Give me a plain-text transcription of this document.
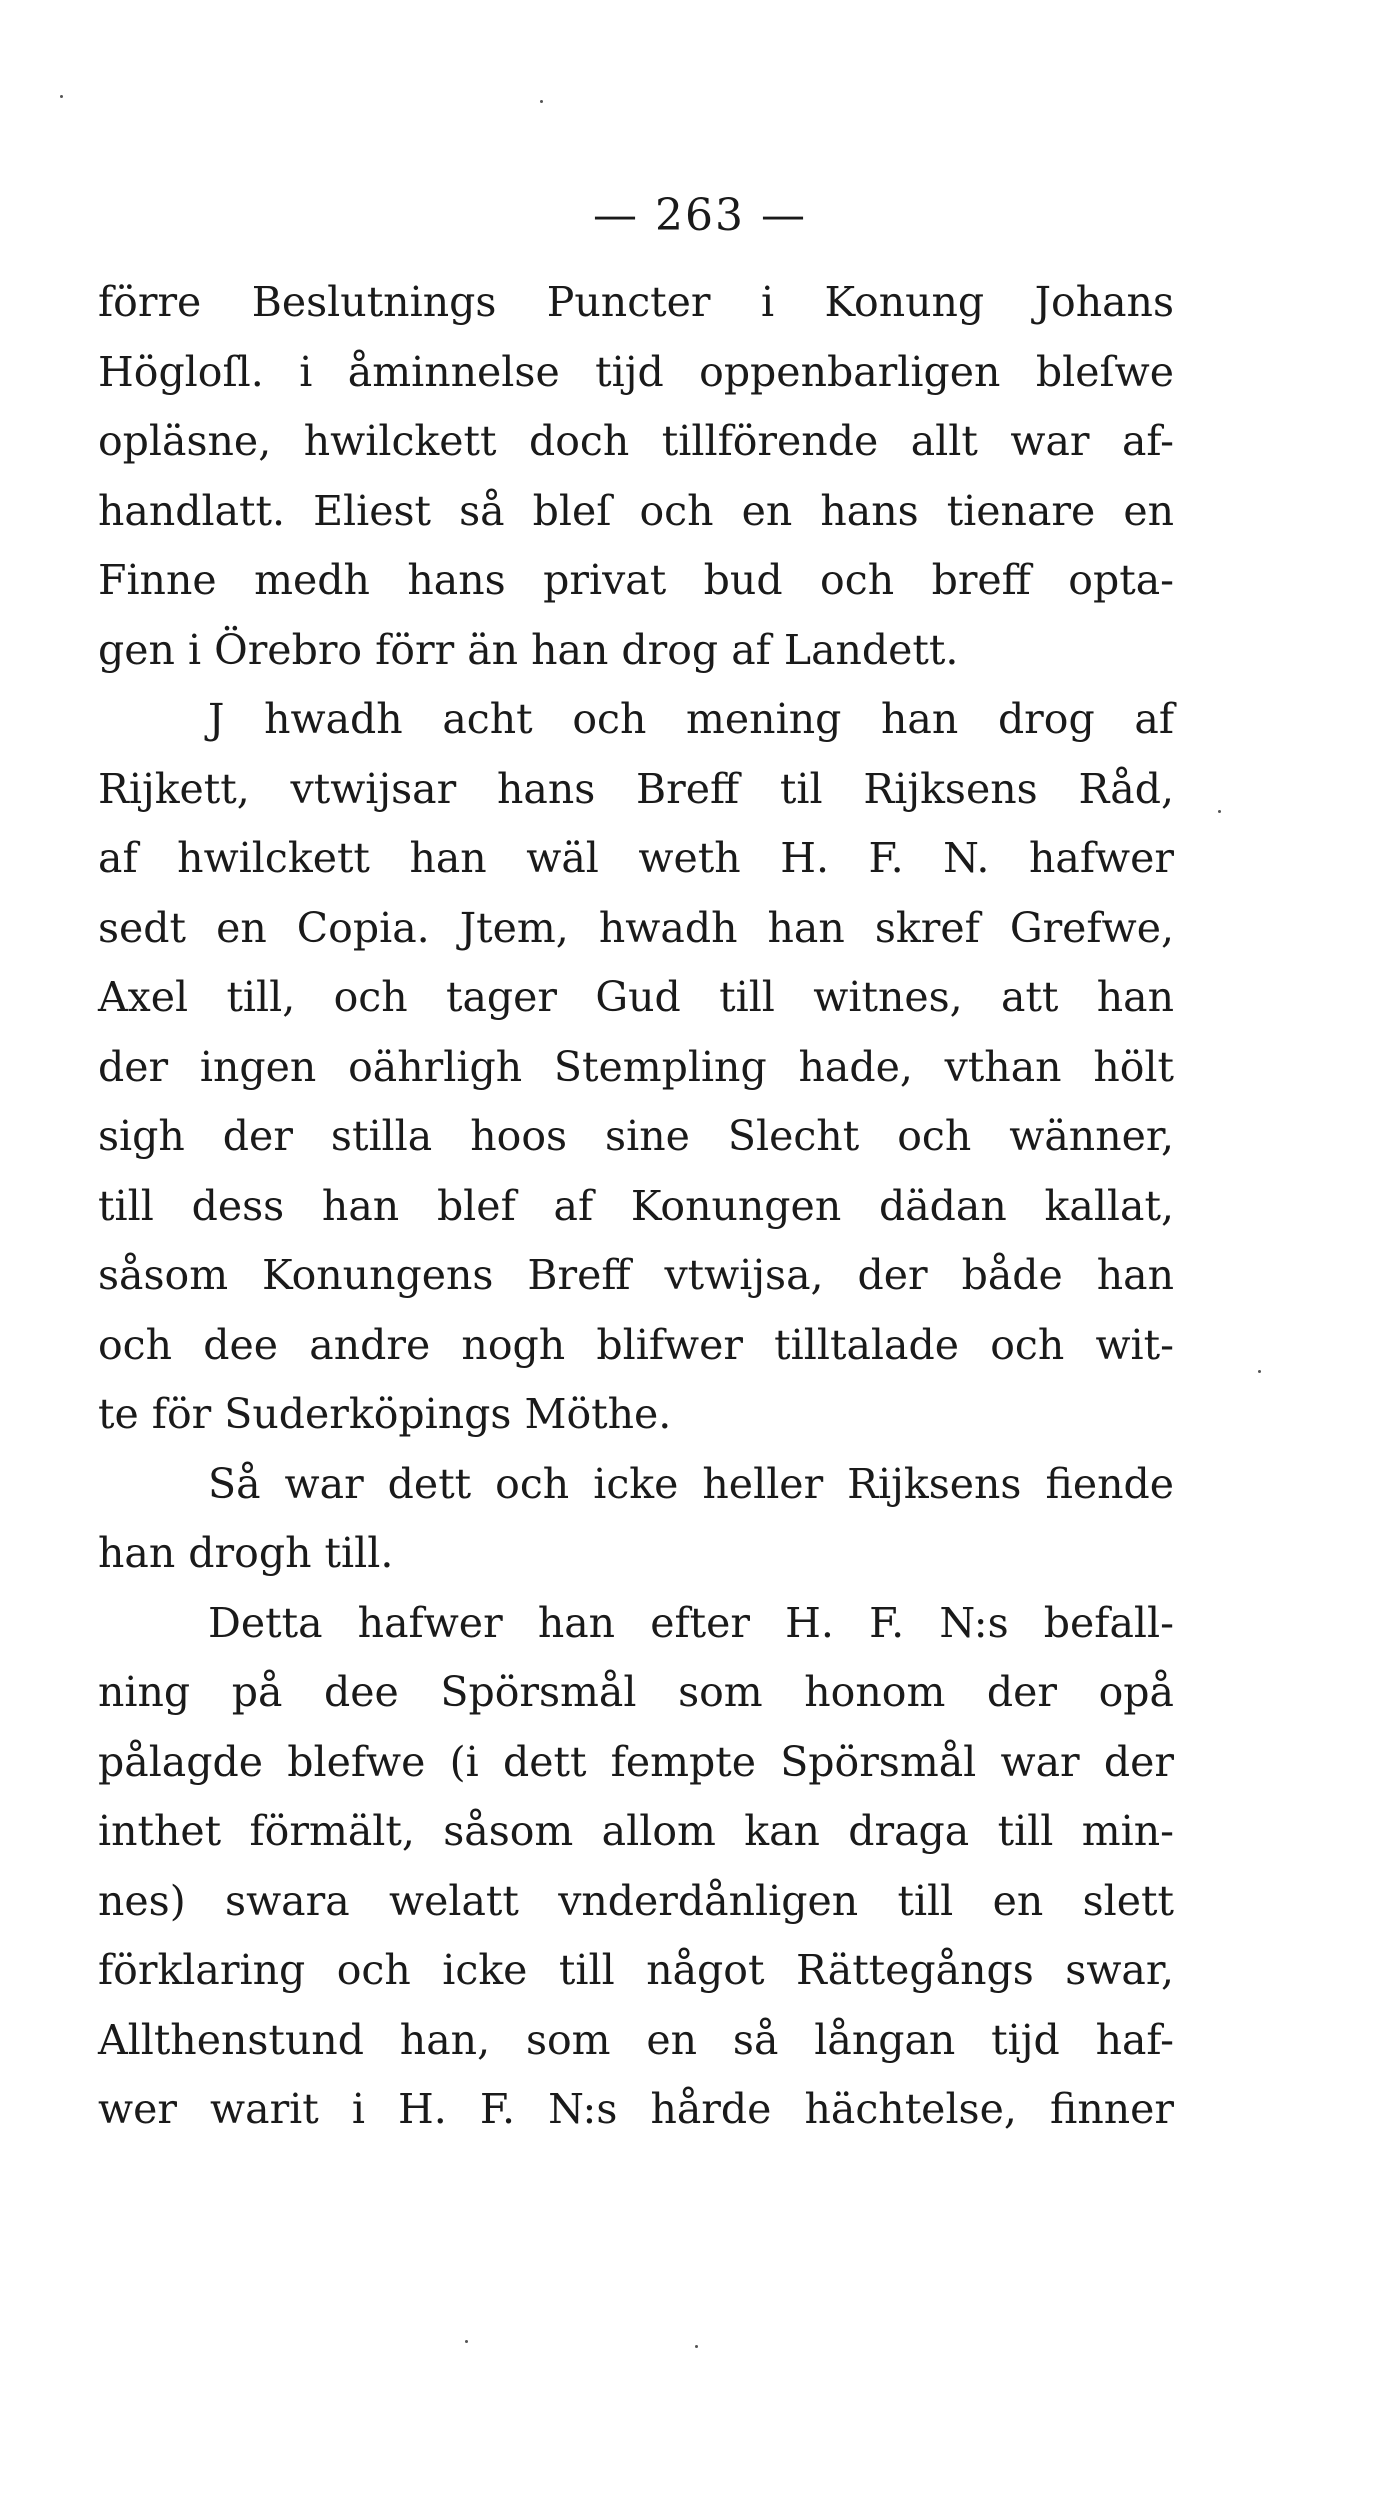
— 263 —
förre Beslutnings Puncter i Konung Johans
Högloſl. i åminnelse tijd oppenbarligen bleſwe
opläsne, hwilckett doch tillförende allt war af-
handlatt. Eliest så bleſ och en hans tienare en
Finne medh hans privat bud och breff opta-
gen i Örebro förr än han drog af Landett.
J hwadh acht och mening han drog af
Rijkett, vtwijsar hans Breff til Rijksens Råd,
af hwilckett han wäl weth H. F. N. hafwer
sedt en Copia. Jtem, hwadh han skref Grefwe,
Axel till, och tager Gud till witnes, att han
der ingen oährligh Stempling hade, vthan hölt
sigh der stilla hoos sine Slecht och wänner,
till dess han blef af Konungen dädan kallat,
såsom Konungens Breff vtwijsa, der både han
och dee andre nogh blifwer tilltalade och wit-
te för Suderköpings Möthe.
Så war dett och icke heller Rijksens fiende
han drogh till.
Detta hafwer han efter H. F. N:s befall-
ning på dee Spörsmål som honom der opå
pålagde blefwe (i dett fempte Spörsmål war der
inthet förmält, såsom allom kan draga till min-
nes) swara welatt vnderdånligen till en slett
förklaring och icke till något Rättegångs swar,
Allthenstund han, som en så långan tijd haf-
wer warit i H. F. N:s hårde hächtelse, finner
